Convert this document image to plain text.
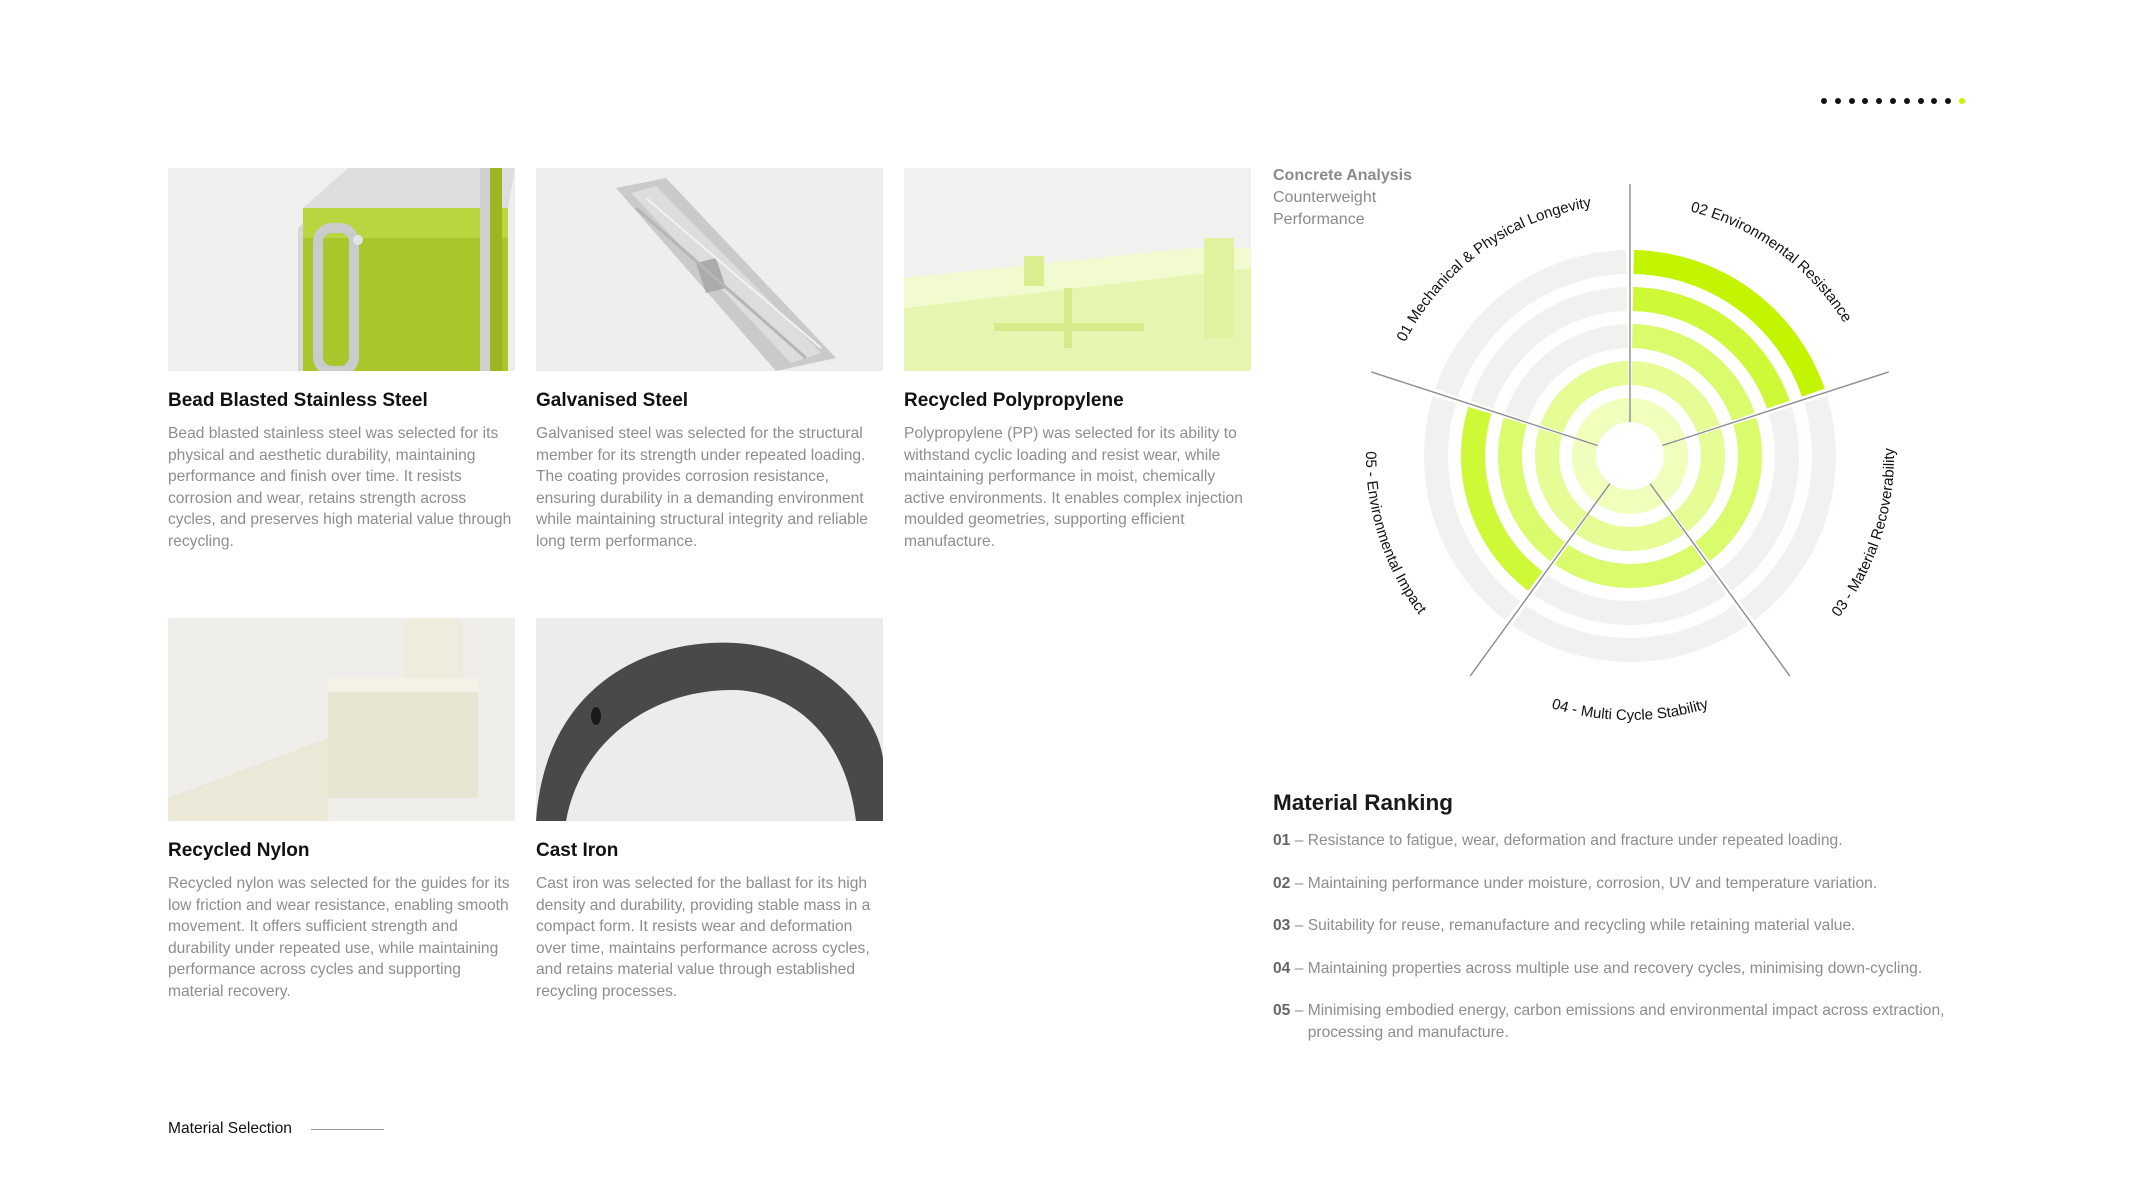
Bead Blasted Stainless Steel
Bead blasted stainless steel was selected for its physical and aesthetic durability, maintaining performance and finish over time. It resists corrosion and wear, retains strength across cycles, and preserves high material value through recycling.
Galvanised Steel
Galvanised steel was selected for the structural member for its strength under repeated loading. The coating provides corrosion resistance, ensuring durability in a demanding environment while maintaining structural integrity and reliable long term performance.
Recycled Polypropylene
Polypropylene (PP) was selected for its ability to withstand cyclic loading and resist wear, while maintaining performance in moist, chemically active environments. It enables complex injection moulded geometries, supporting efficient manufacture.
Recycled Nylon
Recycled nylon was selected for the guides for its low friction and wear resistance, enabling smooth movement. It offers sufficient strength and durability under repeated use, while maintaining performance across cycles and supporting material recovery.
Cast Iron
Cast iron was selected for the ballast for its high density and durability, providing stable mass in a compact form. It resists wear and deformation over time, maintains performance across cycles, and retains material value through established recycling processes.
Concrete Analysis
Counterweight
Performance
01 Mechanical & Physical Longevity	02 Environmental Resistance
03 - Material Recoverability
04 - Multi Cycle Stability
05 - Environmental Impact
Material Ranking
01 – Resistance to fatigue, wear, deformation and fracture under repeated loading.
02 – Maintaining performance under moisture, corrosion, UV and temperature variation.
03 – Suitability for reuse, remanufacture and recycling while retaining material value.
04 – Maintaining properties across multiple use and recovery cycles, minimising down-cycling.
05 – Minimising embodied energy, carbon emissions and environmental impact across extraction, processing and manufacture.
Material Selection
